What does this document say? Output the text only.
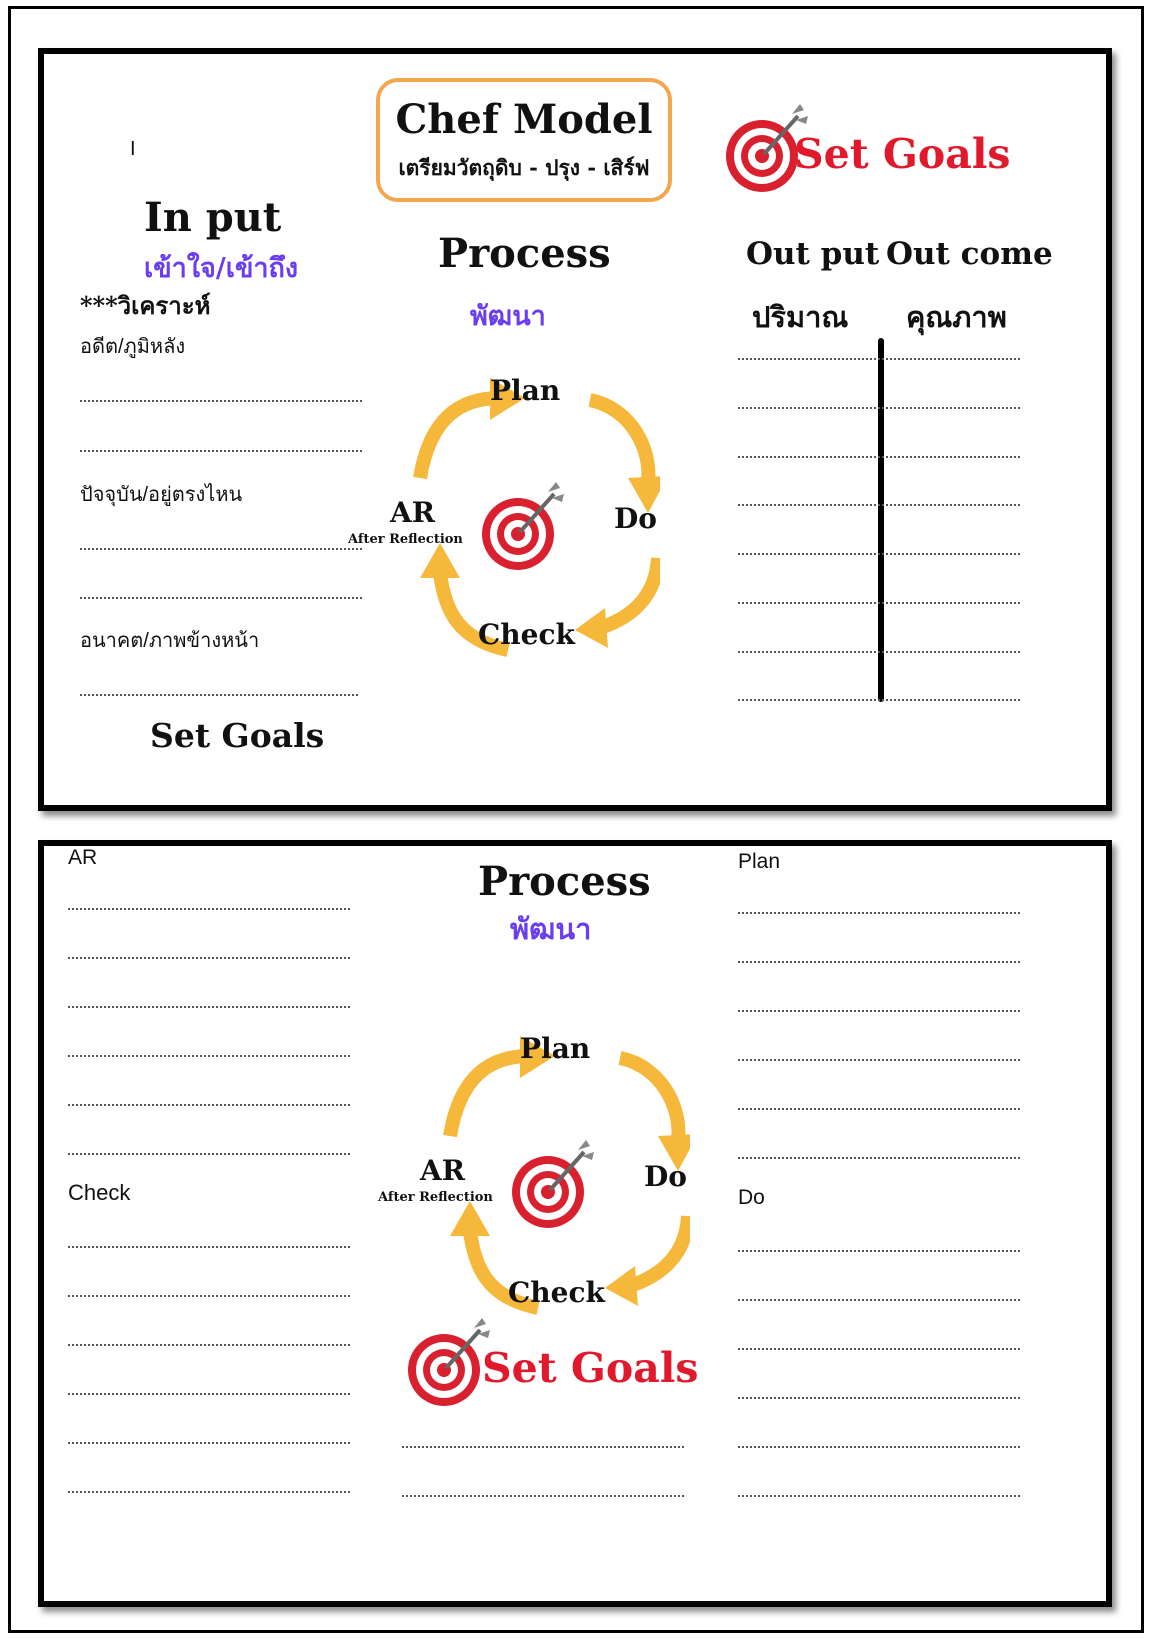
I
Chef Model
เตรียมวัตถุดิบ - ปรุง - เสิร์ฟ	Set Goals
In put
เข้าใจ/เข้าถึง
***วิเคราะห์
อดีต/ภูมิหลัง
ปัจจุบัน/อยู่ตรงไหน
อนาคต/ภาพข้างหน้า
Set Goals
Process
พัฒนา
Plan
Do
Check
AR
After Reflection
Out put Out come
ปริมาณ คุณภาพ
AR
Check
Process
พัฒนา
Plan
Do
Check
AR
After Reflection
Set Goals
Plan
Do
